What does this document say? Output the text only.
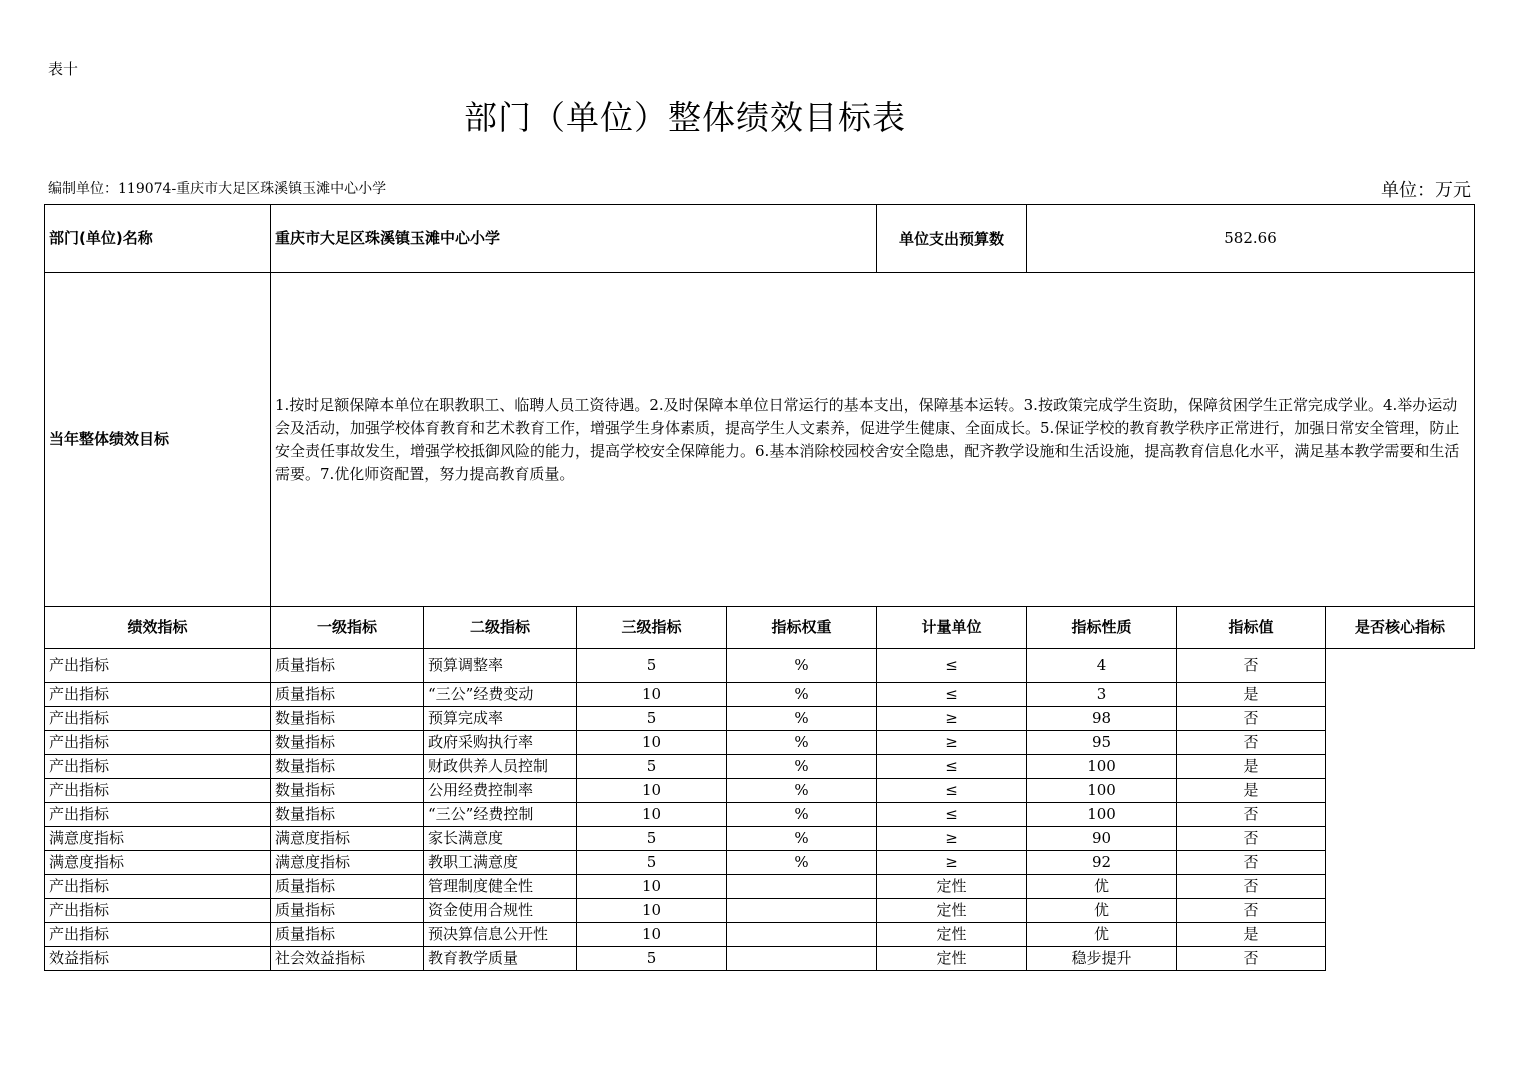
表十
部门（单位）整体绩效目标表
编制单位：119074-重庆市大足区珠溪镇玉滩中心小学	单位：万元
部门(单位)名称	重庆市大足区珠溪镇玉滩中心小学				单位支出预算数	582.66		
当年整体绩效目标	1.按时足额保障本单位在职教职工、临聘人员工资待遇。2.及时保障本单位日常运行的基本支出，保障基本运转。3.按政策完成学生资助，保障贫困学生正常完成学业。4.举办运动会及活动，加强学校体育教育和艺术教育工作，增强学生身体素质，提高学生人文素养，促进学生健康、全面成长。5.保证学校的教育教学秩序正常进行，加强日常安全管理，防止安全责任事故发生，增强学校抵御风险的能力，提高学校安全保障能力。6.基本消除校园校舍安全隐患，配齐教学设施和生活设施，提高教育信息化水平，满足基本教学需要和生活需要。7.优化师资配置，努力提高教育质量。							
绩效指标	一级指标	二级指标	三级指标	指标权重	计量单位	指标性质	指标值	是否核心指标
产出指标	质量指标	预算调整率	5	%	≤	4	否	
产出指标	质量指标	“三公”经费变动	10	%	≤	3	是	
产出指标	数量指标	预算完成率	5	%	≥	98	否	
产出指标	数量指标	政府采购执行率	10	%	≥	95	否	
产出指标	数量指标	财政供养人员控制	5	%	≤	100	是	
产出指标	数量指标	公用经费控制率	10	%	≤	100	是	
产出指标	数量指标	“三公”经费控制	10	%	≤	100	否	
满意度指标	满意度指标	家长满意度	5	%	≥	90	否	
满意度指标	满意度指标	教职工满意度	5	%	≥	92	否	
产出指标	质量指标	管理制度健全性	10		定性	优	否	
产出指标	质量指标	资金使用合规性	10		定性	优	否	
产出指标	质量指标	预决算信息公开性	10		定性	优	是	
效益指标	社会效益指标	教育教学质量	5		定性	稳步提升	否	
